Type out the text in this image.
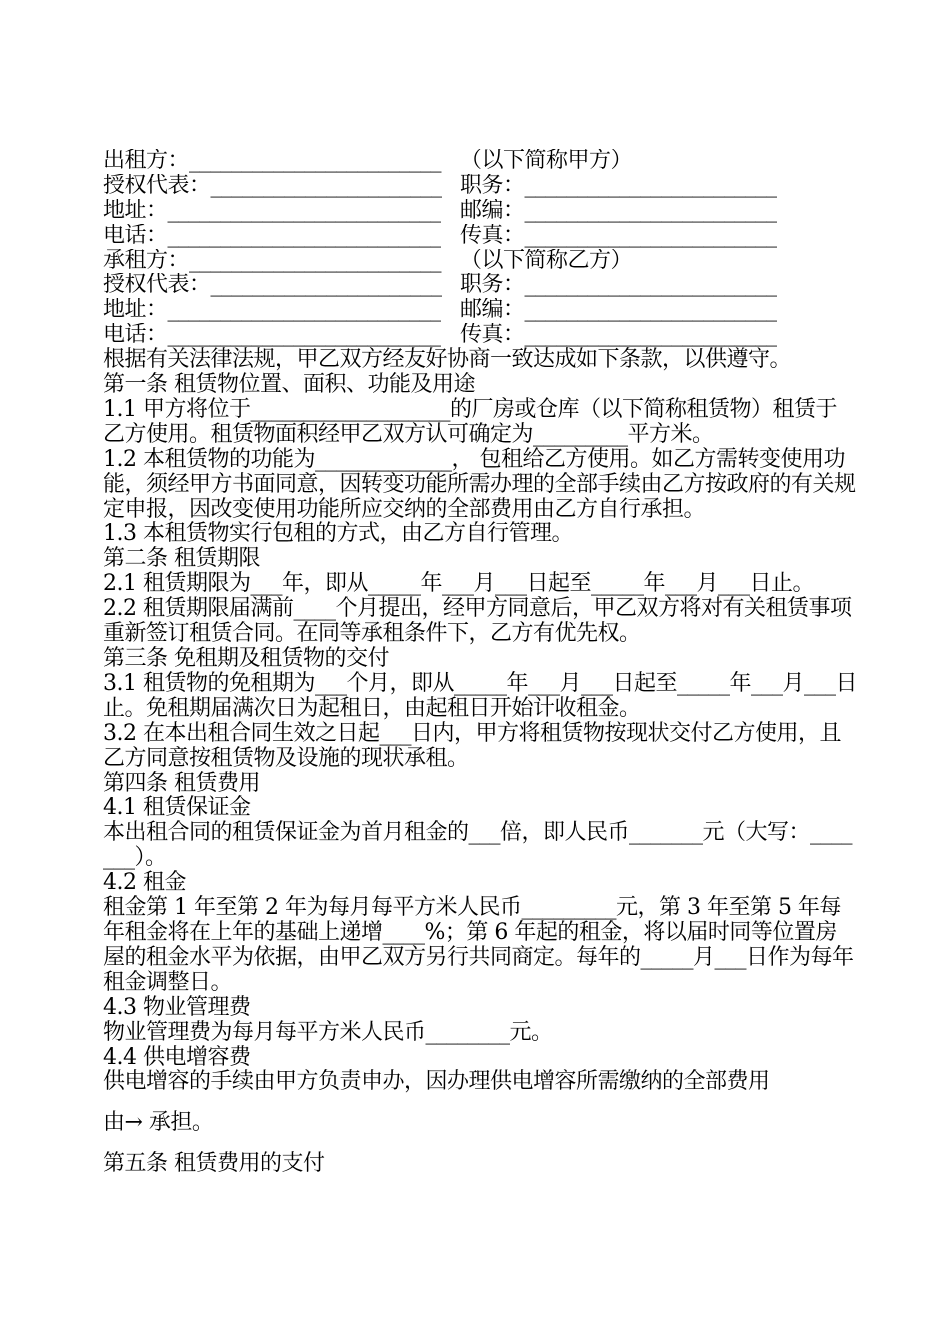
出租方：________________________ （以下简称甲方）
授权代表：______________________ 职务：________________________
地址：__________________________ 邮编：________________________
电话：__________________________ 传真：________________________
承租方：________________________ （以下简称乙方）
授权代表：______________________ 职务：________________________
地址：__________________________ 邮编：________________________
电话：__________________________ 传真：________________________
根据有关法律法规，甲乙双方经友好协商一致达成如下条款，以供遵守。
第一条 租赁物位置、面积、功能及用途
1.1 甲方将位于___________________的厂房或仓库（以下简称租赁物）租赁于乙方使用。租赁物面积经甲乙双方认可确定为_________平方米。
1.2 本租赁物的功能为_____________， 包租给乙方使用。如乙方需转变使用功能，须经甲方书面同意，因转变功能所需办理的全部手续由乙方按政府的有关规定申报，因改变使用功能所应交纳的全部费用由乙方自行承担。
1.3 本租赁物实行包租的方式，由乙方自行管理。
第二条 租赁期限
2.1 租赁期限为___年，即从_____年___月___日起至_____年___月___日止。
2.2 租赁期限届满前____个月提出，经甲方同意后，甲乙双方将对有关租赁事项重新签订租赁合同。在同等承租条件下，乙方有优先权。
第三条 免租期及租赁物的交付
3.1 租赁物的免租期为___个月，即从_____年___月___日起至_____年___月___日止。免租期届满次日为起租日，由起租日开始计收租金。
3.2 在本出租合同生效之日起___日内，甲方将租赁物按现状交付乙方使用，且乙方同意按租赁物及设施的现状承租。
第四条 租赁费用
4.1 租赁保证金
本出租合同的租赁保证金为首月租金的___倍，即人民币_______元（大写：_______）。
4.2 租金
租金第 1 年至第 2 年为每月每平方米人民币_________元，第 3 年至第 5 年每年租金将在上年的基础上递增____%；第 6 年起的租金，将以届时同等位置房屋的租金水平为依据，由甲乙双方另行共同商定。每年的_____月___日作为每年租金调整日。
4.3 物业管理费
物业管理费为每月每平方米人民币________元。
4.4 供电增容费
供电增容的手续由甲方负责申办，因办理供电增容所需缴纳的全部费用
由→ 承担。
第五条 租赁费用的支付
